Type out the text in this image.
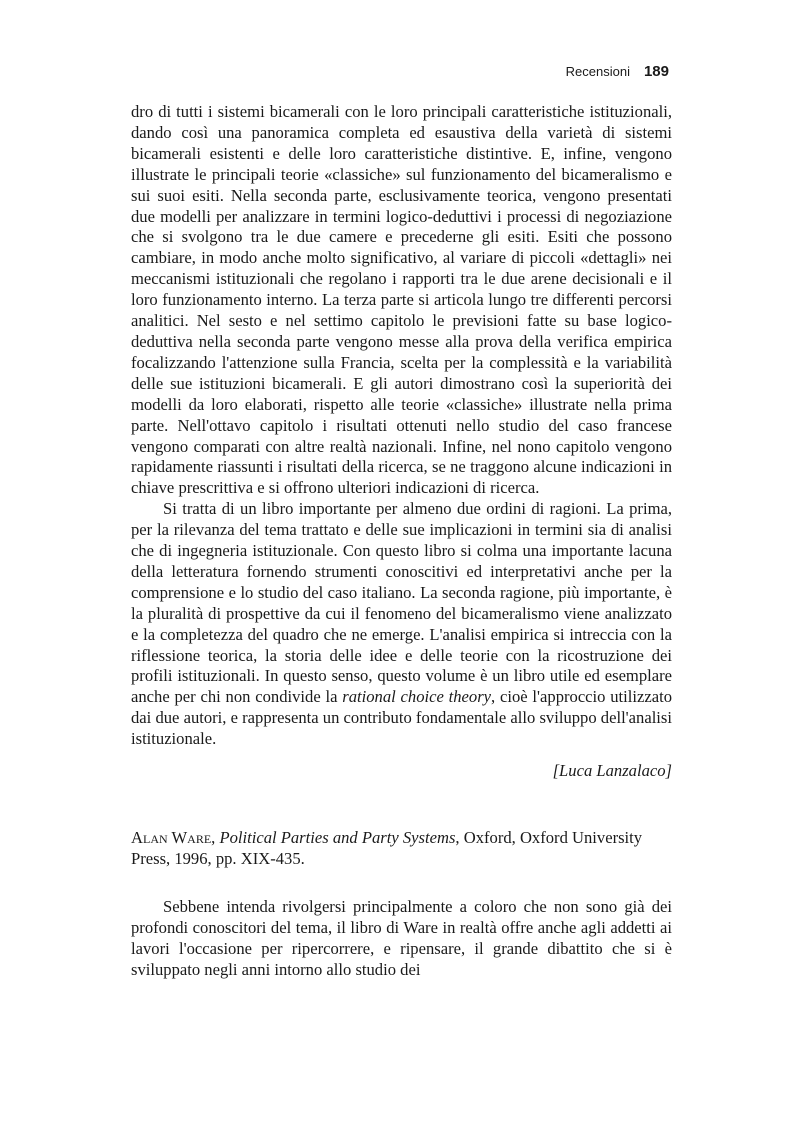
Recensioni 189

dro di tutti i sistemi bicamerali con le loro principali caratteristiche istituzionali, dando così una panoramica completa ed esaustiva della varietà di sistemi bicamerali esistenti e delle loro caratteristiche distintive. E, infine, vengono illustrate le principali teorie «classiche» sul funzionamento del bicameralismo e sui suoi esiti. Nella seconda parte, esclusivamente teorica, vengono presentati due modelli per analizzare in termini logico-deduttivi i processi di negoziazione che si svolgono tra le due camere e precederne gli esiti. Esiti che possono cambiare, in modo anche molto significativo, al variare di piccoli «dettagli» nei meccanismi istituzionali che regolano i rapporti tra le due arene decisionali e il loro funzionamento interno. La terza parte si articola lungo tre differenti percorsi analitici. Nel sesto e nel settimo capitolo le previsioni fatte su base logico-deduttiva nella seconda parte vengono messe alla prova della verifica empirica focalizzando l'attenzione sulla Francia, scelta per la complessità e la variabilità delle sue istituzioni bicamerali. E gli autori dimostrano così la superiorità dei modelli da loro elaborati, rispetto alle teorie «classiche» illustrate nella prima parte. Nell'ottavo capitolo i risultati ottenuti nello studio del caso francese vengono comparati con altre realtà nazionali. Infine, nel nono capitolo vengono rapidamente riassunti i risultati della ricerca, se ne traggono alcune indicazioni in chiave prescrittiva e si offrono ulteriori indicazioni di ricerca.

Si tratta di un libro importante per almeno due ordini di ragioni. La prima, per la rilevanza del tema trattato e delle sue implicazioni in termini sia di analisi che di ingegneria istituzionale. Con questo libro si colma una importante lacuna della letteratura fornendo strumenti conoscitivi ed interpretativi anche per la comprensione e lo studio del caso italiano. La seconda ragione, più importante, è la pluralità di prospettive da cui il fenomeno del bicameralismo viene analizzato e la completezza del quadro che ne emerge. L'analisi empirica si intreccia con la riflessione teorica, la storia delle idee e delle teorie con la ricostruzione dei profili istituzionali. In questo senso, questo volume è un libro utile ed esemplare anche per chi non condivide la rational choice theory, cioè l'approccio utilizzato dai due autori, e rappresenta un contributo fondamentale allo sviluppo dell'analisi istituzionale.

[Luca Lanzalaco]

Alan Ware, Political Parties and Party Systems, Oxford, Oxford University Press, 1996, pp. XIX-435.

Sebbene intenda rivolgersi principalmente a coloro che non sono già dei profondi conoscitori del tema, il libro di Ware in realtà offre anche agli addetti ai lavori l'occasione per ripercorrere, e ripensare, il grande dibattito che si è sviluppato negli anni intorno allo studio dei
